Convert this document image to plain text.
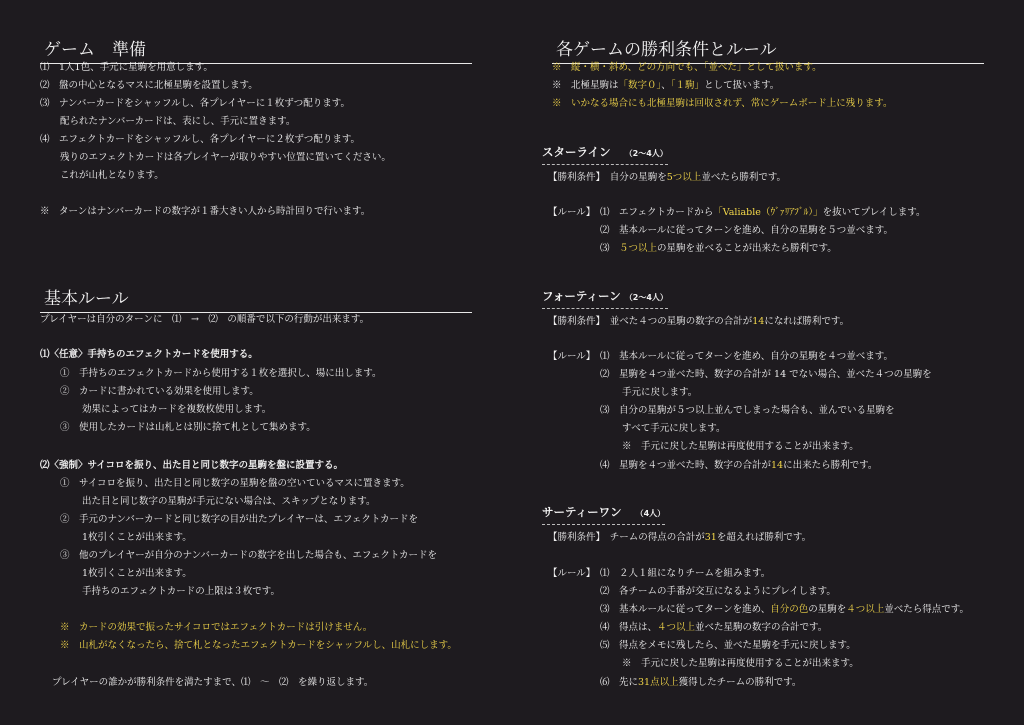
ゲーム　準備
⑴　1人1色、手元に星駒を用意します。
⑵　盤の中心となるマスに北極星駒を設置します。
⑶　ナンバーカードをシャッフルし、各プレイヤーに１枚ずつ配ります。
配られたナンバーカードは、表にし、手元に置きます。
⑷　エフェクトカードをシャッフルし、各プレイヤーに２枚ずつ配ります。
残りのエフェクトカードは各プレイヤーが取りやすい位置に置いてください。
これが山札となります。
※　ターンはナンバーカードの数字が１番大きい人から時計回りで行います。
基本ルール
プレイヤーは自分のターンに　⑴　→　⑵　の順番で以下の行動が出来ます。
⑴〈任意〉手持ちのエフェクトカードを使用する。
①　手持ちのエフェクトカードから使用する１枚を選択し、場に出します。
②　カードに書かれている効果を使用します。
効果によってはカードを複数枚使用します。
③　使用したカードは山札とは別に捨て札として集めます。
⑵〈強制〉サイコロを振り、出た目と同じ数字の星駒を盤に設置する。
①　サイコロを振り、出た目と同じ数字の星駒を盤の空いているマスに置きます。
出た目と同じ数字の星駒が手元にない場合は、スキップとなります。
②　手元のナンバーカードと同じ数字の目が出たプレイヤーは、エフェクトカードを
1枚引くことが出来ます。
③　他のプレイヤーが自分のナンバーカードの数字を出した場合も、エフェクトカードを
1枚引くことが出来ます。
手持ちのエフェクトカードの上限は３枚です。
※　カードの効果で振ったサイコロではエフェクトカードは引けません。
※　山札がなくなったら、捨て札となったエフェクトカードをシャッフルし、山札にします。
プレイヤーの誰かが勝利条件を満たすまで、⑴　〜　⑵　を繰り返します。
各ゲームの勝利条件とルール
※　縦・横・斜め、どの方向でも、「並べた」として扱います。
※　北極星駒は「数字０」、「１駒」として扱います。
※　いかなる場合にも北極星駒は回収されず、常にゲームボード上に残ります。
スターライン （2〜4人）
【勝利条件】　自分の星駒を5つ以上並べたら勝利です。
【ルール】 ⑴　エフェクトカードから「Valiable（ｳﾞｧﾘｱﾌﾞﾙ）」を抜いてプレイします。
⑵　基本ルールに従ってターンを進め、自分の星駒を５つ並べます。
⑶　５つ以上の星駒を並べることが出来たら勝利です。
フォーティーン （2〜4人）
【勝利条件】　並べた４つの星駒の数字の合計が14になれば勝利です。
【ルール】 ⑴　基本ルールに従ってターンを進め、自分の星駒を４つ並べます。
⑵　星駒を４つ並べた時、数字の合計が 14 でない場合、並べた４つの星駒を
手元に戻します。
⑶　自分の星駒が５つ以上並んでしまった場合も、並んでいる星駒を
すべて手元に戻します。
※　手元に戻した星駒は再度使用することが出来ます。
⑷　星駒を４つ並べた時、数字の合計が14に出来たら勝利です。
サーティーワン （4人）
【勝利条件】　チームの得点の合計が31を超えれば勝利です。
【ルール】 ⑴　２人１組になりチームを組みます。
⑵　各チームの手番が交互になるようにプレイします。
⑶　基本ルールに従ってターンを進め、自分の色の星駒を４つ以上並べたら得点です。
⑷　得点は、４つ以上並べた星駒の数字の合計です。
⑸　得点をメモに残したら、並べた星駒を手元に戻します。
※　手元に戻した星駒は再度使用することが出来ます。
⑹　先に31点以上獲得したチームの勝利です。
